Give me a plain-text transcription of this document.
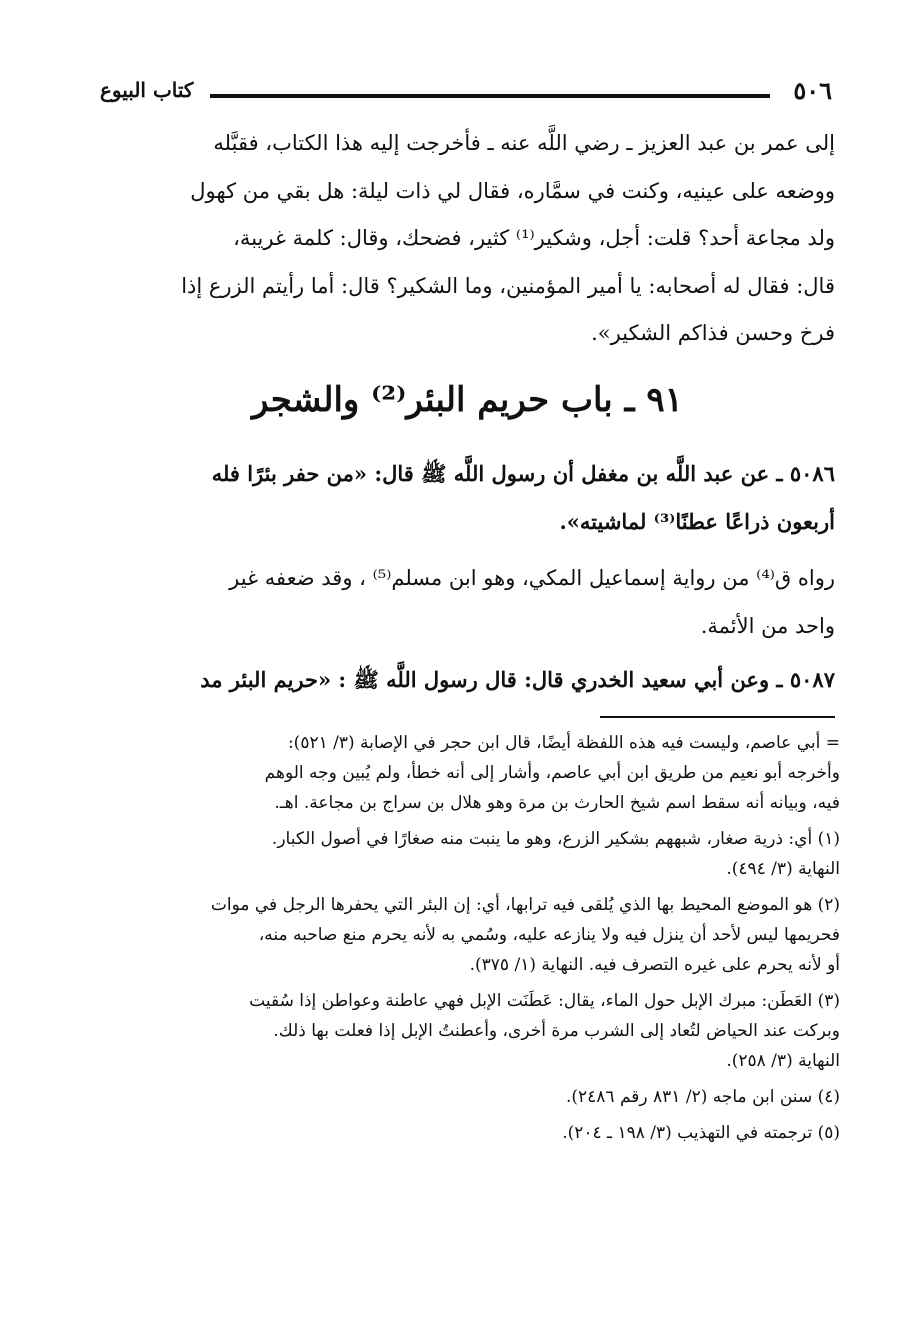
٥٠٦
كتاب البيوع
إلى عمر بن عبد العزيز ـ رضي اللَّه عنه ـ فأخرجت إليه هذا الكتاب، فقبَّله
ووضعه على عينيه، وكنت في سمَّاره، فقال لي ذات ليلة: هل بقي من كهول
ولد مجاعة أحد؟ قلت: أجل، وشكير⁽¹⁾ كثير، فضحك، وقال: كلمة غريبة،
قال: فقال له أصحابه: يا أمير المؤمنين، وما الشكير؟ قال: أما رأيتم الزرع إذا
فرخ وحسن فذاكم الشكير».
٩١ ـ باب حريم البئر⁽²⁾ والشجر
٥٠٨٦ ـ عن عبد اللَّه بن مغفل أن رسول اللَّه ﷺ قال: «من حفر بئرًا فله
أربعون ذراعًا عطنًا⁽³⁾ لماشيته».
رواه ق⁽⁴⁾ من رواية إسماعيل المكي، وهو ابن مسلم⁽⁵⁾ ، وقد ضعفه غير
واحد من الأئمة.
٥٠٨٧ ـ وعن أبي سعيد الخدري قال: قال رسول اللَّه ﷺ : «حريم البئر مد
= أبي عاصم، وليست فيه هذه اللفظة أيضًا، قال ابن حجر في الإصابة (٣/ ٥٢١):
وأخرجه أبو نعيم من طريق ابن أبي عاصم، وأشار إلى أنه خطأ، ولم يُبين وجه الوهم
فيه، وبيانه أنه سقط اسم شيخ الحارث بن مرة وهو هلال بن سراج بن مجاعة. اهـ.
(١) أي: ذرية صغار، شبههم بشكير الزرع، وهو ما ينبت منه صغارًا في أصول الكبار.
النهاية (٣/ ٤٩٤).
(٢) هو الموضع المحيط بها الذي يُلقى فيه ترابها، أي: إن البئر التي يحفرها الرجل في موات
فحريمها ليس لأحد أن ينزل فيه ولا ينازعه عليه، وسُمي به لأنه يحرم منع صاحبه منه،
أو لأنه يحرم على غيره التصرف فيه. النهاية (١/ ٣٧٥).
(٣) العَطَن: مبرك الإبل حول الماء، يقال: عَطَنَت الإبل فهي عاطنة وعواطن إذا سُقيت
وبركت عند الحياض لتُعاد إلى الشرب مرة أخرى، وأعطنتُ الإبل إذا فعلت بها ذلك.
النهاية (٣/ ٢٥٨).
(٤) سنن ابن ماجه (٢/ ٨٣١ رقم ٢٤٨٦).
(٥) ترجمته في التهذيب (٣/ ١٩٨ ـ ٢٠٤).
